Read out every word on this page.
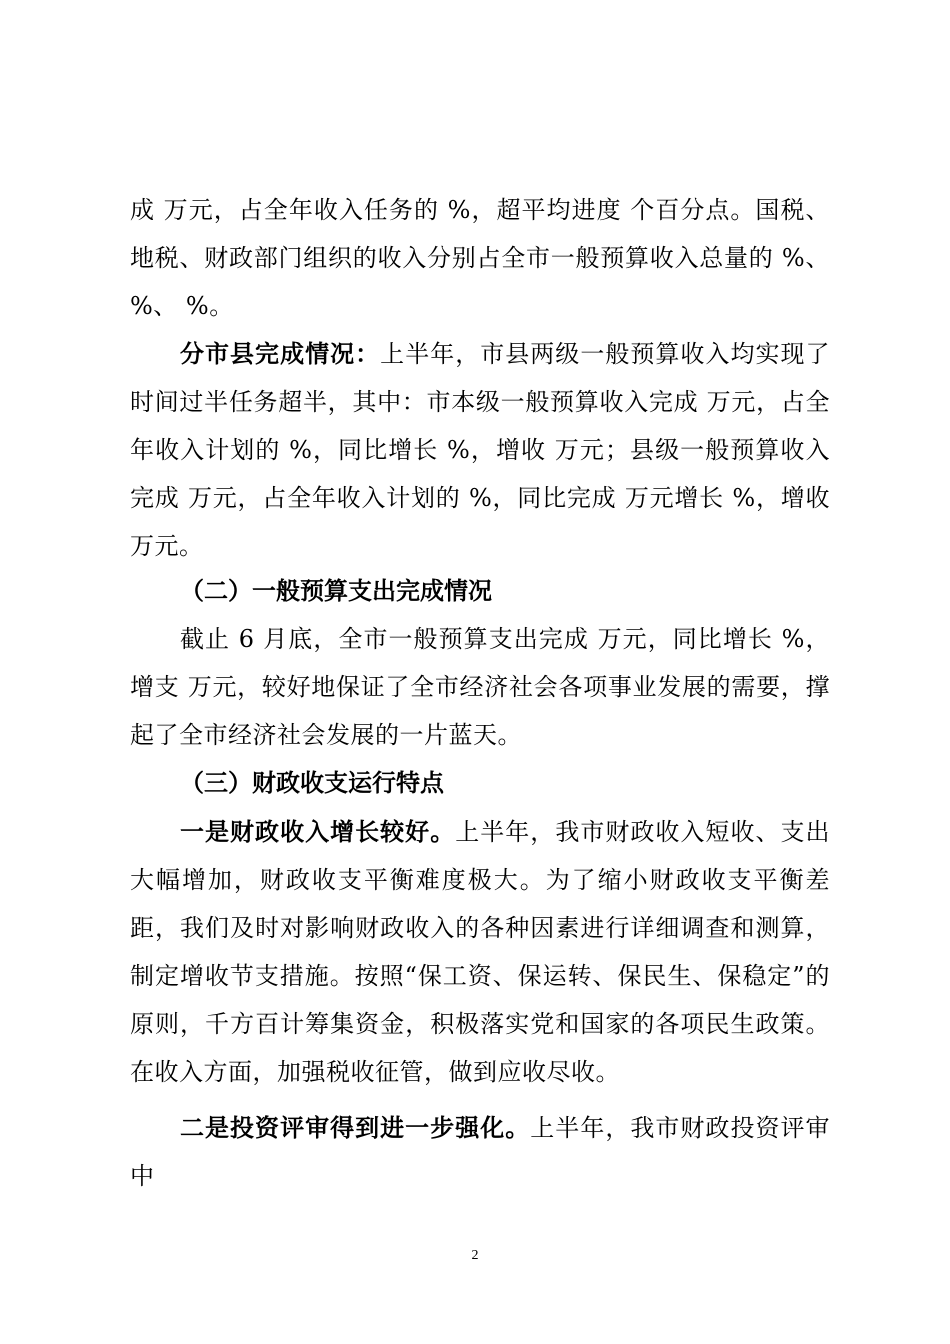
成 万元，占全年收入任务的 %，超平均进度 个百分点。国税、地税、财政部门组织的收入分别占全市一般预算收入总量的 %、 %、 %。
分市县完成情况：上半年，市县两级一般预算收入均实现了时间过半任务超半，其中：市本级一般预算收入完成 万元，占全年收入计划的 %，同比增长 %，增收 万元；县级一般预算收入完成 万元，占全年收入计划的 %，同比完成 万元增长 %，增收 万元。
（二）一般预算支出完成情况
截止 6 月底，全市一般预算支出完成 万元，同比增长 %，增支 万元，较好地保证了全市经济社会各项事业发展的需要，撑起了全市经济社会发展的一片蓝天。
（三）财政收支运行特点
一是财政收入增长较好。上半年，我市财政收入短收、支出大幅增加，财政收支平衡难度极大。为了缩小财政收支平衡差距，我们及时对影响财政收入的各种因素进行详细调查和测算，制定增收节支措施。按照“保工资、保运转、保民生、保稳定”的原则，千方百计筹集资金，积极落实党和国家的各项民生政策。在收入方面，加强税收征管，做到应收尽收。
二是投资评审得到进一步强化。上半年，我市财政投资评审中
2
